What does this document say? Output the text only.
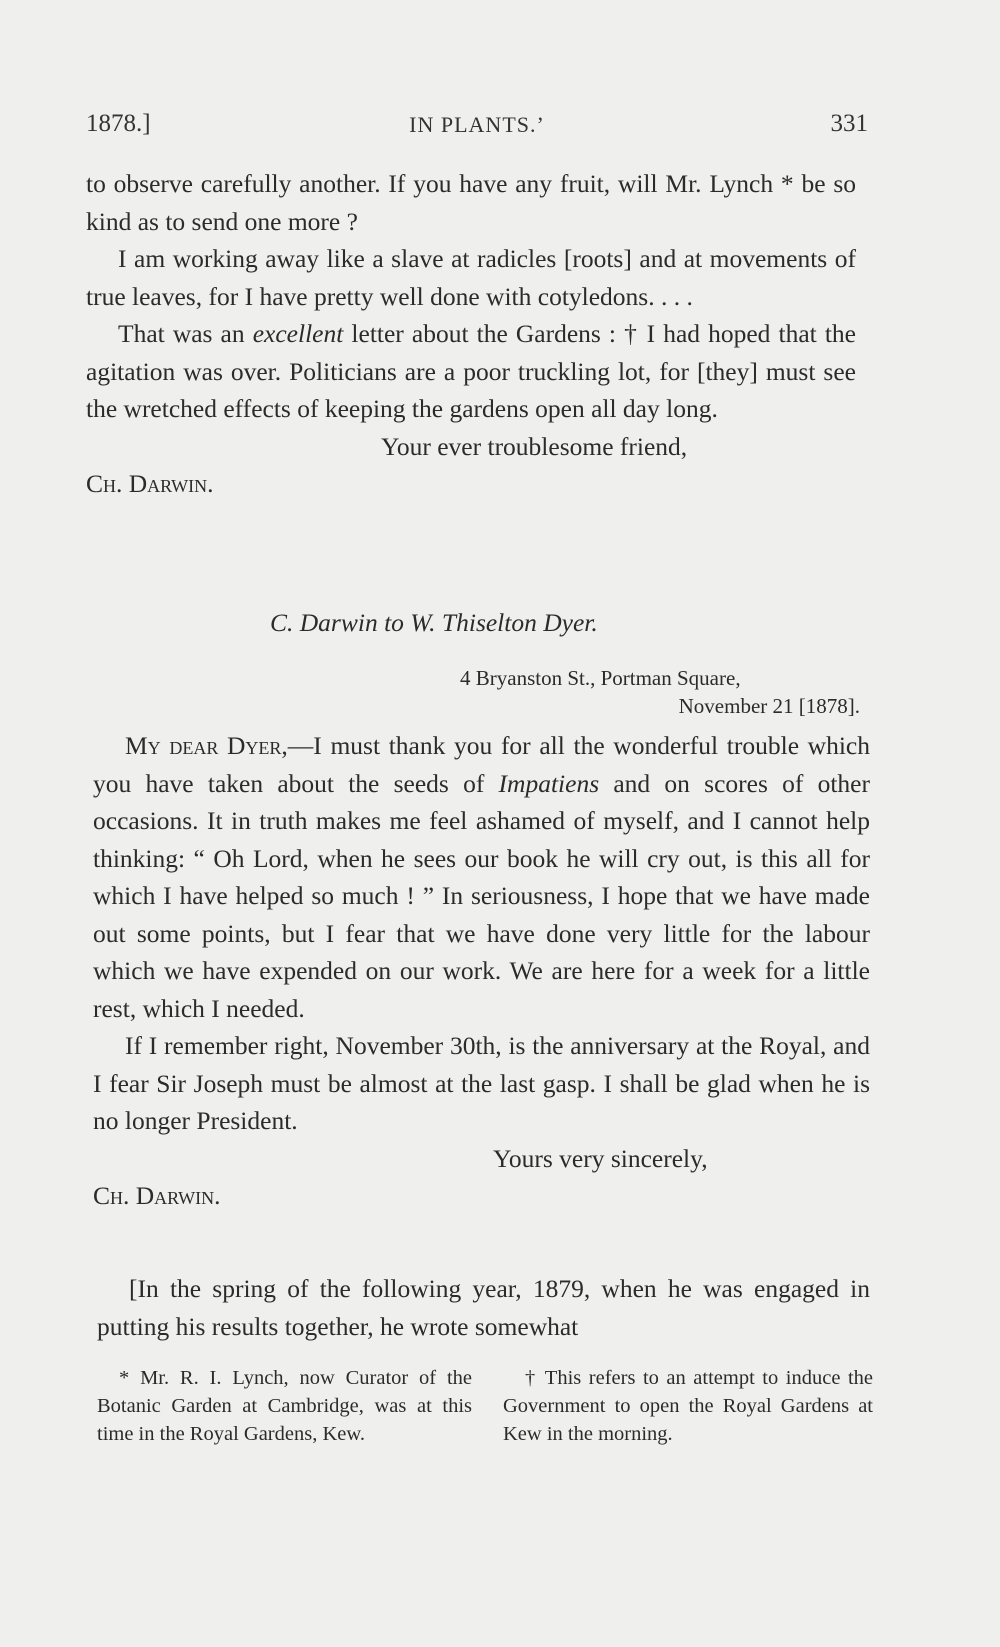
1878.]	IN PLANTS.’	331

to observe carefully another. If you have any fruit, will Mr. Lynch * be so kind as to send one more ?

I am working away like a slave at radicles [roots] and at movements of true leaves, for I have pretty well done with cotyledons. . . .

That was an excellent letter about the Gardens : † I had hoped that the agitation was over. Politicians are a poor truckling lot, for [they] must see the wretched effects of keeping the gardens open all day long.

Your ever troublesome friend,

Ch. Darwin.

C. Darwin to W. Thiselton Dyer.
4 Bryanston St., Portman Square,
November 21 [1878].

My dear Dyer,—I must thank you for all the wonderful trouble which you have taken about the seeds of Impatiens and on scores of other occasions. It in truth makes me feel ashamed of myself, and I cannot help thinking: “ Oh Lord, when he sees our book he will cry out, is this all for which I have helped so much ! ” In seriousness, I hope that we have made out some points, but I fear that we have done very little for the labour which we have expended on our work. We are here for a week for a little rest, which I needed.

If I remember right, November 30th, is the anniversary at the Royal, and I fear Sir Joseph must be almost at the last gasp. I shall be glad when he is no longer President.

Yours very sincerely,

Ch. Darwin.

[In the spring of the following year, 1879, when he was engaged in putting his results together, he wrote somewhat

* Mr. R. I. Lynch, now Curator of the Botanic Garden at Cambridge, was at this time in the Royal Gardens, Kew.
† This refers to an attempt to induce the Government to open the Royal Gardens at Kew in the morning.
